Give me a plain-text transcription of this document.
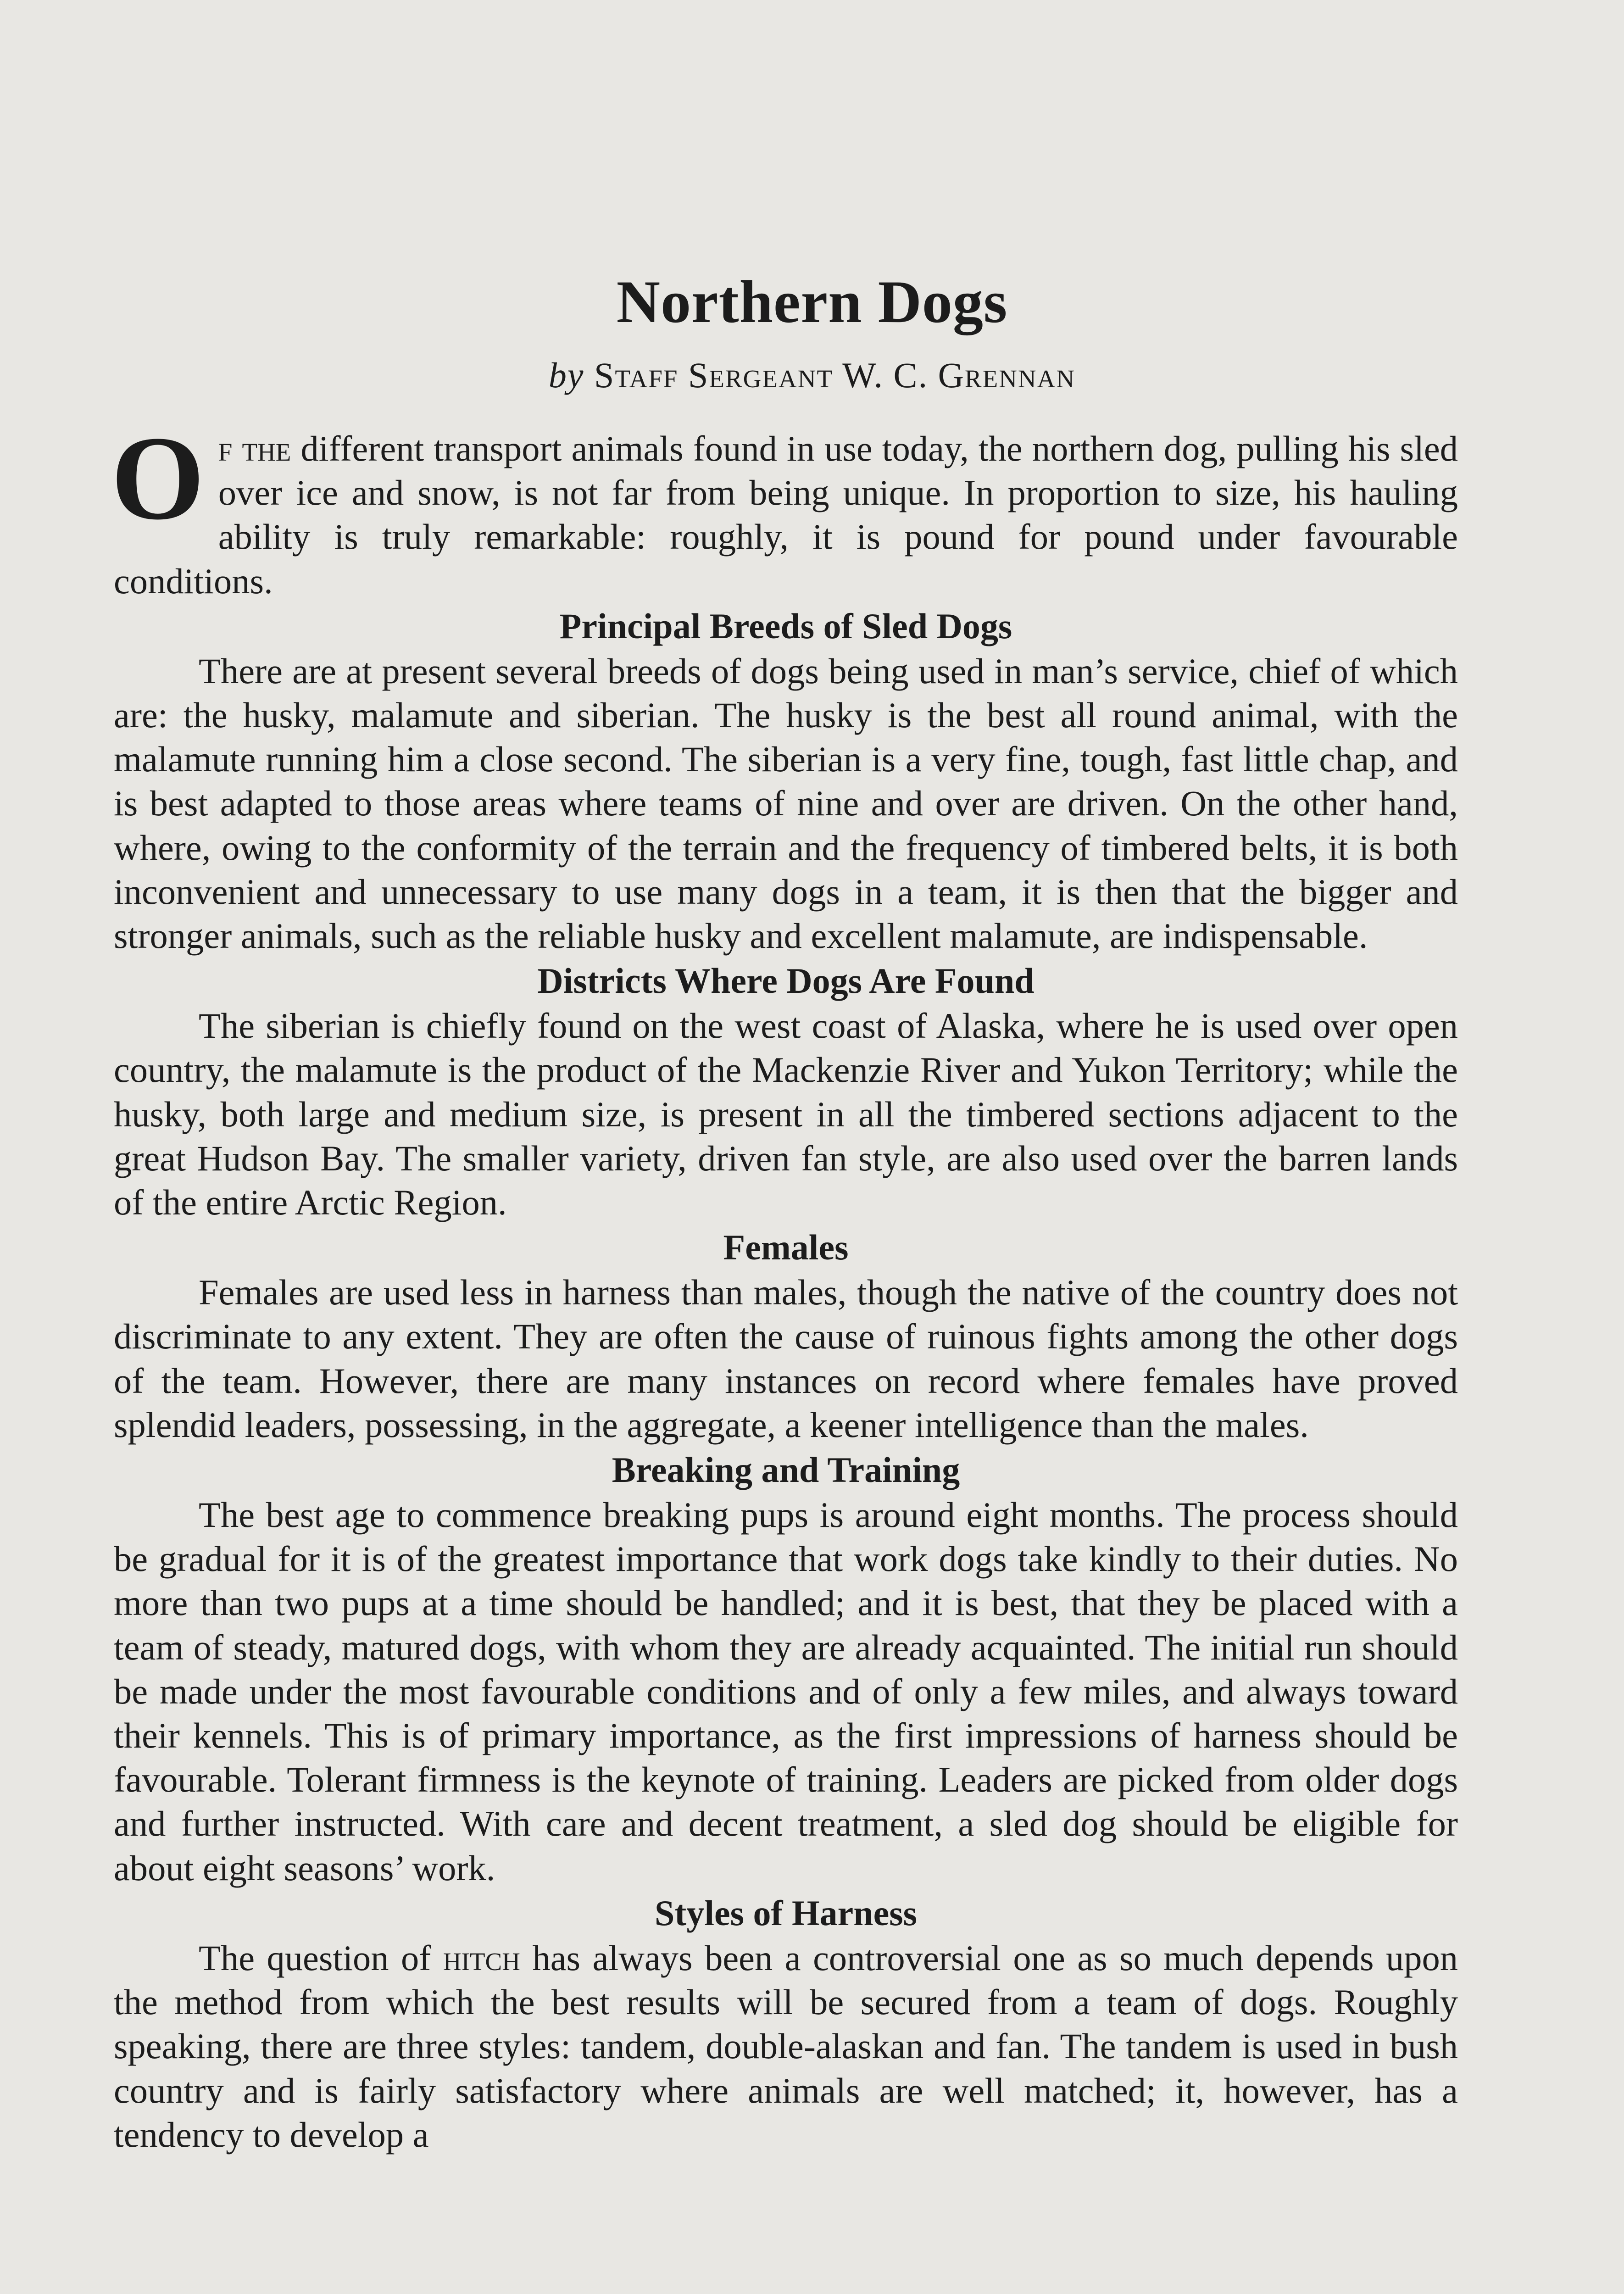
Northern Dogs
by Staff Sergeant W. C. Grennan

Of the different transport animals found in use today, the northern dog, pulling his sled over ice and snow, is not far from being unique. In proportion to size, his hauling ability is truly remarkable: roughly, it is pound for pound under favourable conditions.

Principal Breeds of Sled Dogs

There are at present several breeds of dogs being used in man’s service, chief of which are: the husky, malamute and siberian. The husky is the best all round animal, with the malamute running him a close second. The siberian is a very fine, tough, fast little chap, and is best adapted to those areas where teams of nine and over are driven. On the other hand, where, owing to the conformity of the terrain and the frequency of timbered belts, it is both inconvenient and unnecessary to use many dogs in a team, it is then that the bigger and stronger animals, such as the reliable husky and excellent malamute, are indispensable.

Districts Where Dogs Are Found

The siberian is chiefly found on the west coast of Alaska, where he is used over open country, the malamute is the product of the Mackenzie River and Yukon Territory; while the husky, both large and medium size, is present in all the timbered sections adjacent to the great Hudson Bay. The smaller variety, driven fan style, are also used over the barren lands of the entire Arctic Region.

Females

Females are used less in harness than males, though the native of the country does not discriminate to any extent. They are often the cause of ruinous fights among the other dogs of the team. However, there are many instances on record where females have proved splendid leaders, possessing, in the aggregate, a keener intelligence than the males.

Breaking and Training

The best age to commence breaking pups is around eight months. The process should be gradual for it is of the greatest importance that work dogs take kindly to their duties. No more than two pups at a time should be handled; and it is best, that they be placed with a team of steady, matured dogs, with whom they are already acquainted. The initial run should be made under the most favourable conditions and of only a few miles, and always toward their kennels. This is of primary importance, as the first impressions of harness should be favourable. Tolerant firmness is the keynote of training. Leaders are picked from older dogs and further instructed. With care and decent treatment, a sled dog should be eligible for about eight seasons’ work.

Styles of Harness

The question of hitch has always been a controversial one as so much depends upon the method from which the best results will be secured from a team of dogs. Roughly speaking, there are three styles: tandem, double-alaskan and fan. The tandem is used in bush country and is fairly satisfactory where animals are well matched; it, however, has a tendency to develop a
